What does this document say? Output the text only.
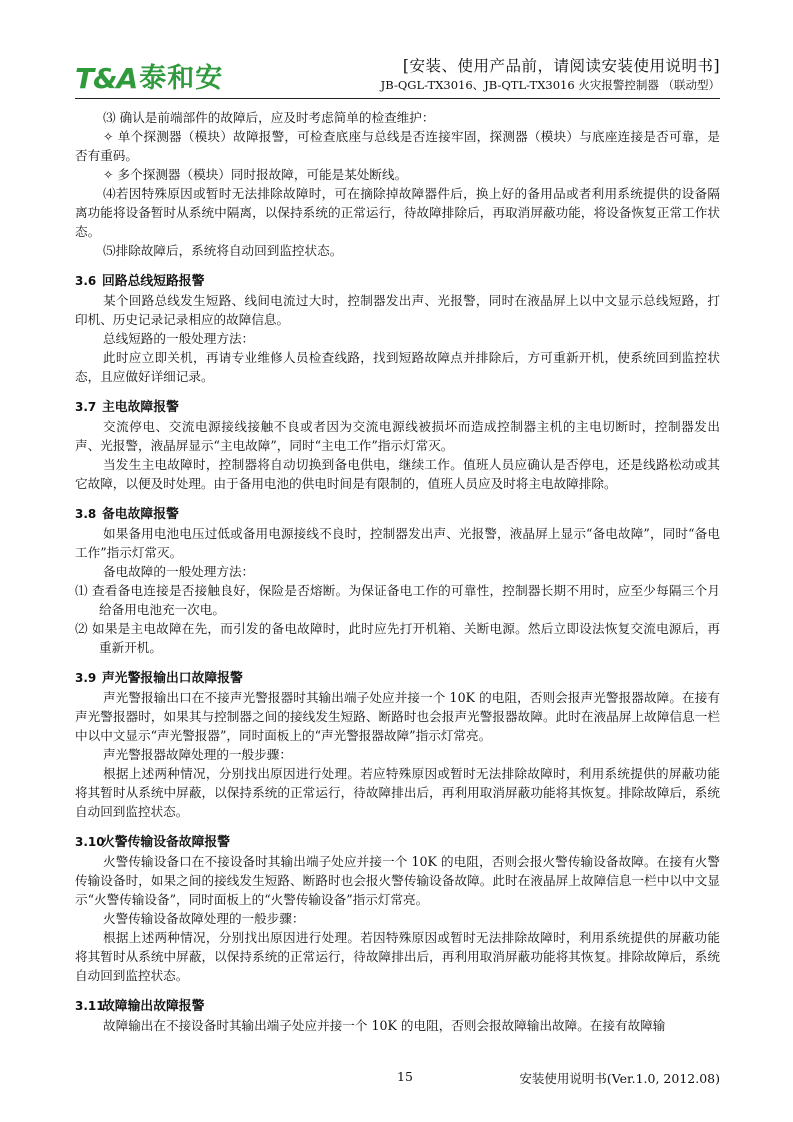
T & A 泰和安	[安装、使用产品前，请阅读安装使用说明书]
JB-QGL-TX3016、JB-QTL-TX3016 火灾报警控制器 （联动型）

⑶ 确认是前端部件的故障后，应及时考虑简单的检查维护：

✧ 单个探测器（模块）故障报警，可检查底座与总线是否连接牢固，探测器（模块）与底座连接是否可靠，是否有重码。

✧ 多个探测器（模块）同时报故障，可能是某处断线。

⑷若因特殊原因或暂时无法排除故障时，可在摘除掉故障器件后，换上好的备用品或者利用系统提供的设备隔离功能将设备暂时从系统中隔离，以保持系统的正常运行，待故障排除后，再取消屏蔽功能，将设备恢复正常工作状态。

⑸排除故障后，系统将自动回到监控状态。

3.6 回路总线短路报警

某个回路总线发生短路、线间电流过大时，控制器发出声、光报警，同时在液晶屏上以中文显示总线短路，打印机、历史记录记录相应的故障信息。

总线短路的一般处理方法：

此时应立即关机，再请专业维修人员检查线路，找到短路故障点并排除后，方可重新开机，使系统回到监控状态，且应做好详细记录。

3.7 主电故障报警

交流停电、交流电源接线接触不良或者因为交流电源线被损坏而造成控制器主机的主电切断时，控制器发出声、光报警，液晶屏显示“主电故障”，同时“主电工作”指示灯常灭。

当发生主电故障时，控制器将自动切换到备电供电，继续工作。值班人员应确认是否停电，还是线路松动或其它故障，以便及时处理。由于备用电池的供电时间是有限制的，值班人员应及时将主电故障排除。

3.8 备电故障报警

如果备用电池电压过低或备用电源接线不良时，控制器发出声、光报警，液晶屏上显示“备电故障”，同时“备电工作”指示灯常灭。

备电故障的一般处理方法：

⑴ 查看备电连接是否接触良好，保险是否熔断。为保证备电工作的可靠性，控制器长期不用时，应至少每隔三个月给备用电池充一次电。

⑵ 如果是主电故障在先，而引发的备电故障时，此时应先打开机箱、关断电源。然后立即设法恢复交流电源后，再重新开机。

3.9 声光警报输出口故障报警

声光警报输出口在不接声光警报器时其输出端子处应并接一个 10K 的电阻，否则会报声光警报器故障。在接有声光警报器时，如果其与控制器之间的接线发生短路、断路时也会报声光警报器故障。此时在液晶屏上故障信息一栏中以中文显示“声光警报器”，同时面板上的“声光警报器故障”指示灯常亮。

声光警报器故障处理的一般步骤：

根据上述两种情况，分别找出原因进行处理。若应特殊原因或暂时无法排除故障时，利用系统提供的屏蔽功能将其暂时从系统中屏蔽，以保持系统的正常运行，待故障排出后，再利用取消屏蔽功能将其恢复。排除故障后，系统自动回到监控状态。

3.10火警传输设备故障报警

火警传输设备口在不接设备时其输出端子处应并接一个 10K 的电阻，否则会报火警传输设备故障。在接有火警传输设备时，如果之间的接线发生短路、断路时也会报火警传输设备故障。此时在液晶屏上故障信息一栏中以中文显示“火警传输设备”，同时面板上的“火警传输设备”指示灯常亮。

火警传输设备故障处理的一般步骤：

根据上述两种情况，分别找出原因进行处理。若因特殊原因或暂时无法排除故障时，利用系统提供的屏蔽功能将其暂时从系统中屏蔽，以保持系统的正常运行，待故障排出后，再利用取消屏蔽功能将其恢复。排除故障后，系统自动回到监控状态。

3.11故障输出故障报警

故障输出在不接设备时其输出端子处应并接一个 10K 的电阻，否则会报故障输出故障。在接有故障输

15	安装使用说明书(Ver.1.0, 2012.08)
